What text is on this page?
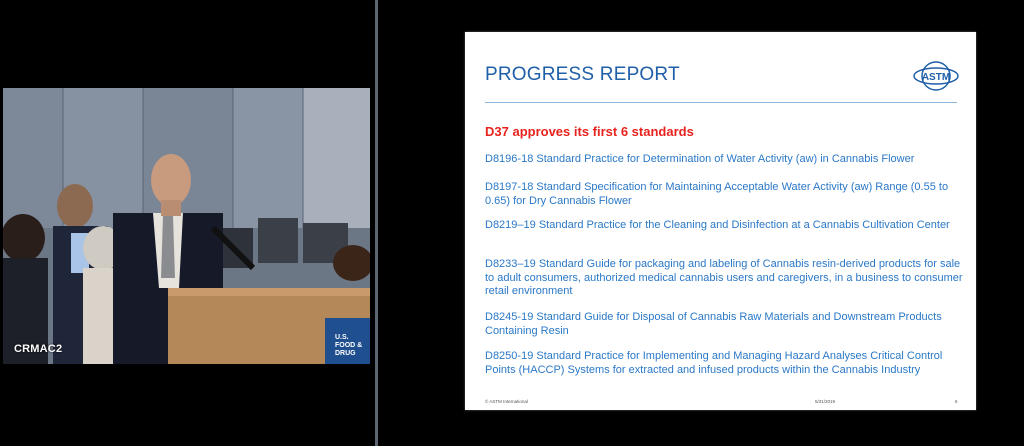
CRMAC2
U.S. FOOD & DRUG
PROGRESS REPORT	ASTM
D37 approves its first 6 standards
D8196-18 Standard Practice for Determination of Water Activity (aw) in Cannabis Flower
D8197-18 Standard Specification for Maintaining Acceptable Water Activity (aw) Range (0.55 to 0.65) for Dry Cannabis Flower
D8219–19 Standard Practice for the Cleaning and Disinfection at a Cannabis Cultivation Center
D8233–19 Standard Guide for packaging and labeling of Cannabis resin-derived products for sale to adult consumers, authorized medical cannabis users and caregivers, in a business to consumer retail environment
D8245-19 Standard Guide for Disposal of Cannabis Raw Materials and Downstream Products Containing Resin
D8250-19 Standard Practice for Implementing and Managing Hazard Analyses Critical Control Points (HACCP) Systems for extracted and infused products within the Cannabis Industry
© ASTM International	5/31/2019	6
